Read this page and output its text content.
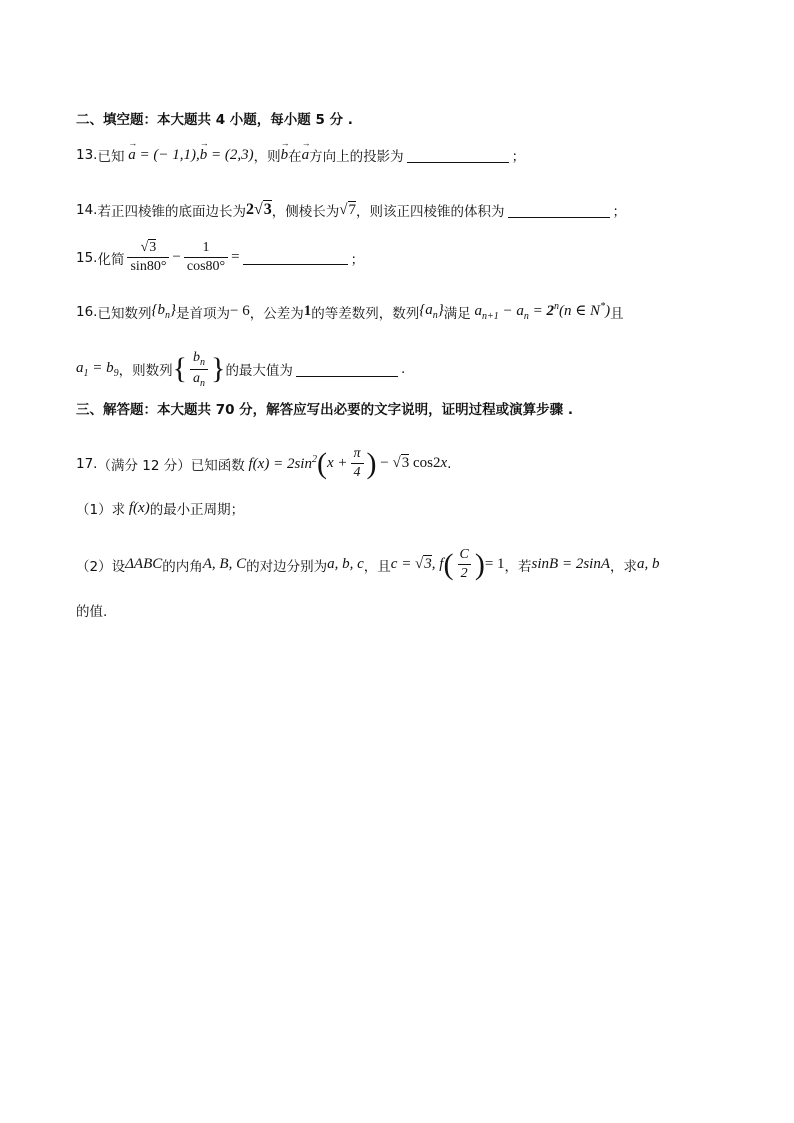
二、填空题：本大题共 4 小题，每小题 5 分 .
13. 已知 → a = (− 1,1),→ b = (2,3) ，则 → b 在 → a 方向上的投影为	；
14. 若正四棱锥的底面边长为 2√3 ，侧棱长为 √7 ，则该正四棱锥的体积为	；
15. 化简 $\frac{√3}{\sin 80^\circ} - \frac{1}{\cos 80^\circ}$ =	；
16. 已知数列 $\{b_n\}$ 是首项为 − 6 ，公差为 1 的等差数列，数列 $\{a_n\}$ 满足 $a_{n+1} - a_n = 2^n(n$ ∈ N*) 且
$a_1 = b_9$ ，则数列 { $\frac{b_n}{a_n}$ } 的最大值为	.
三、解答题：本大题共 70 分，解答应写出必要的文字说明，证明过程或演算步骤 .
17. （满分 12 分） 已知函数 $f(x) = 2\sin^2$ ( $x + \frac{\pi}{4}$ ) − √3 cos2 x .
（1） 求 f(x) 的最小正周期；
（2） 设 ΔABC 的内角 A, B, C 的对边分别为 a, b, c ，且 c = √3, f ( $\frac{C}{2}$ ) = 1 ，若 sinB = 2sinA ，求 a, b
的值.
